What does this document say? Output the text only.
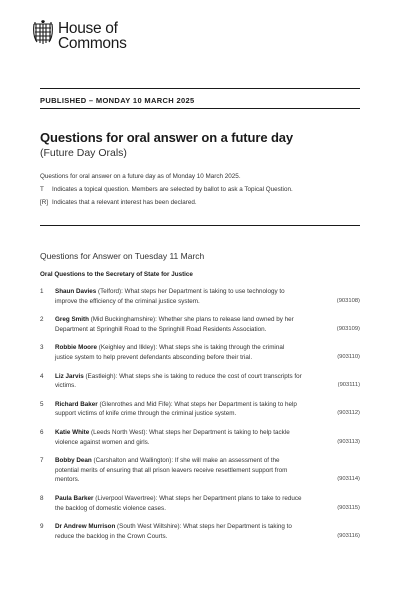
House of
Commons
PUBLISHED – MONDAY 10 MARCH 2025
Questions for oral answer on a future day
(Future Day Orals)
Questions for oral answer on a future day as of Monday 10 March 2025.
T	Indicates a topical question. Members are selected by ballot to ask a Topical Question.
[R] Indicates that a relevant interest has been declared.
Questions for Answer on Tuesday 11 March
Oral Questions to the Secretary of State for Justice
1	Shaun Davies (Telford): What steps her Department is taking to use technology to improve the efficiency of the criminal justice system.	(903108)
2	Greg Smith (Mid Buckinghamshire): Whether she plans to release land owned by her Department at Springhill Road to the Springhill Road Residents Association.	(903109)
3	Robbie Moore (Keighley and Ilkley): What steps she is taking through the criminal justice system to help prevent defendants absconding before their trial.	(903110)
4	Liz Jarvis (Eastleigh): What steps she is taking to reduce the cost of court transcripts for victims.	(903111)
5	Richard Baker (Glenrothes and Mid Fife): What steps her Department is taking to help support victims of knife crime through the criminal justice system.	(903112)
6	Katie White (Leeds North West): What steps her Department is taking to help tackle violence against women and girls.	(903113)
7	Bobby Dean (Carshalton and Wallington): If she will make an assessment of the potential merits of ensuring that all prison leavers receive resettlement support from mentors.	(903114)
8	Paula Barker (Liverpool Wavertree): What steps her Department plans to take to reduce the backlog of domestic violence cases.	(903115)
9	Dr Andrew Murrison (South West Wiltshire): What steps her Department is taking to reduce the backlog in the Crown Courts.	(903116)
